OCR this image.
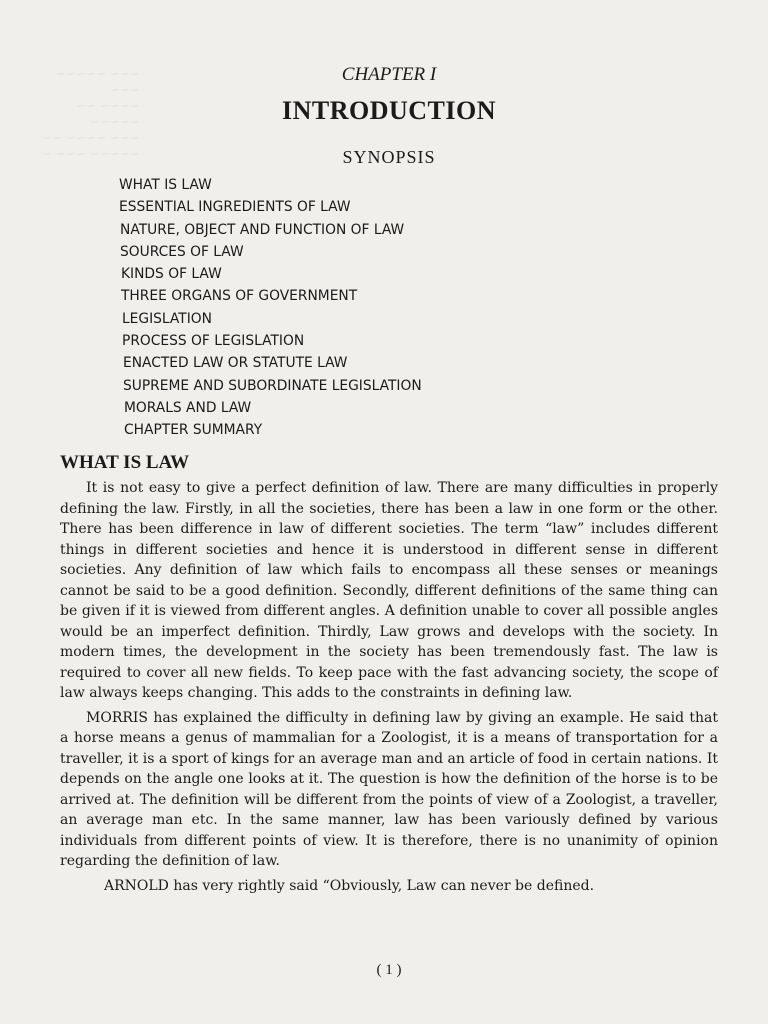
~~~ ~~~~~ ~~~
~~~~ ~~ ~~~~~
~~~ ~~~~ ~~
~~~~~ ~~~ ~
CHAPTER I
INTRODUCTION
SYNOPSIS
WHAT IS LAW
ESSENTIAL INGREDIENTS OF LAW
NATURE, OBJECT AND FUNCTION OF LAW
SOURCES OF LAW
KINDS OF LAW
THREE ORGANS OF GOVERNMENT
LEGISLATION
PROCESS OF LEGISLATION
ENACTED LAW OR STATUTE LAW
SUPREME AND SUBORDINATE LEGISLATION
MORALS AND LAW
CHAPTER SUMMARY
WHAT IS LAW

It is not easy to give a perfect definition of law. There are many difficulties in properly defining the law. Firstly, in all the societies, there has been a law in one form or the other. There has been difference in law of different societies. The term “law” includes different things in different societies and hence it is understood in different sense in different societies. Any definition of law which fails to encompass all these senses or meanings cannot be said to be a good definition. Secondly, different definitions of the same thing can be given if it is viewed from different angles. A definition unable to cover all possible angles would be an imperfect definition. Thirdly, Law grows and develops with the society. In modern times, the development in the society has been tremendously fast. The law is required to cover all new fields. To keep pace with the fast advancing society, the scope of law always keeps changing. This adds to the constraints in defining law.

MORRIS has explained the difficulty in defining law by giving an example. He said that a horse means a genus of mammalian for a Zoologist, it is a means of transportation for a traveller, it is a sport of kings for an average man and an article of food in certain nations. It depends on the angle one looks at it. The question is how the definition of the horse is to be arrived at. The definition will be different from the points of view of a Zoologist, a traveller, an average man etc. In the same manner, law has been variously defined by various individuals from different points of view. It is therefore, there is no unanimity of opinion regarding the definition of law.

ARNOLD has very rightly said “Obviously, Law can never be defined.

( 1 )
